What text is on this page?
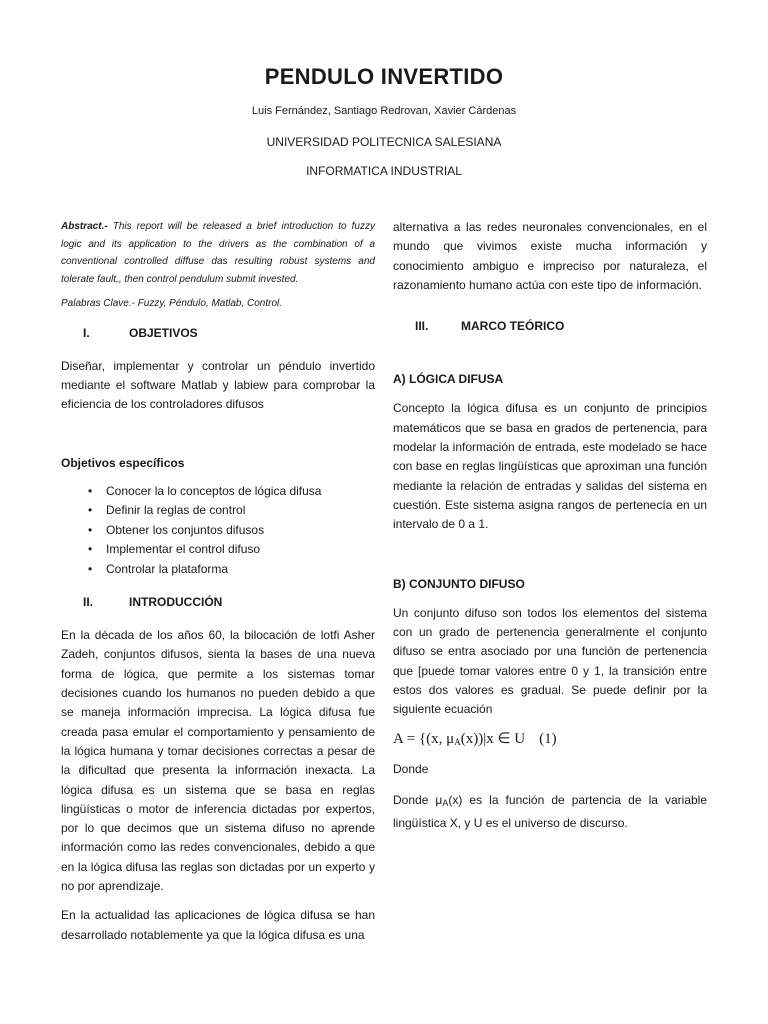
PENDULO INVERTIDO
Luis Fernández, Santiago Redrovan, Xavier Cárdenas
UNIVERSIDAD POLITECNICA SALESIANA
INFORMATICA INDUSTRIAL
Abstract.- This report will be released a brief introduction to fuzzy logic and its application to the drivers as the combination of a conventional controlled diffuse das resulting robust systems and tolerate fault,, then control pendulum submit invested.
Palabras Clave.- Fuzzy, Péndulo, Matlab, Control.
I.	OBJETIVOS

Diseñar, implementar y controlar un péndulo invertido mediante el software Matlab y labiew para comprobar la eficiencia de los controladores difusos

Objetivos específicos
• Conocer la lo conceptos de lógica difusa
• Definir la reglas de control
• Obtener los conjuntos difusos
• Implementar el control difuso
• Controlar la plataforma
II.	INTRODUCCIÓN

En la década de los años 60, la bilocación de lotfi Asher Zadeh, conjuntos difusos, sienta la bases de una nueva forma de lógica, que permite a los sistemas tomar decisiones cuando los humanos no pueden debido a que se maneja información imprecisa. La lógica difusa fue creada pasa emular el comportamiento y pensamiento de la lógica humana y tomar decisiones correctas a pesar de la dificultad que presenta la información inexacta. La lógica difusa es un sistema que se basa en reglas lingüísticas o motor de inferencia dictadas por expertos, por lo que decimos que un sistema difuso no aprende información como las redes convencionales, debido a que en la lógica difusa las reglas son dictadas por un experto y no por aprendizaje.

En la actualidad las aplicaciones de lógica difusa se han desarrollado notablemente ya que la lógica difusa es una

alternativa a las redes neuronales convencionales, en el mundo que vivimos existe mucha información y conocimiento ambiguo e impreciso por naturaleza, el razonamiento humano actúa con este tipo de información.

III.	MARCO TEÓRICO
A) LÓGICA DIFUSA

Concepto la lógica difusa es un conjunto de principios matemáticos que se basa en grados de pertenencia, para modelar la información de entrada, este modelado se hace con base en reglas lingüísticas que aproximan una función mediante la relación de entradas y salidas del sistema en cuestión. Este sistema asigna rangos de pertenecía en un intervalo de 0 a 1.

B) CONJUNTO DIFUSO

Un conjunto difuso son todos los elementos del sistema con un grado de pertenencia generalmente el conjunto difuso se entra asociado por una función de pertenencia que [puede tomar valores entre 0 y 1, la transición entre estos dos valores es gradual. Se puede definir por la siguiente ecuación

A = {(x, $\mu_A(x))|x$ ∈ U (1)

Donde

Donde $\mu_A(x)$ es la función de partencia de la variable lingüística X, y U es el universo de discurso.
